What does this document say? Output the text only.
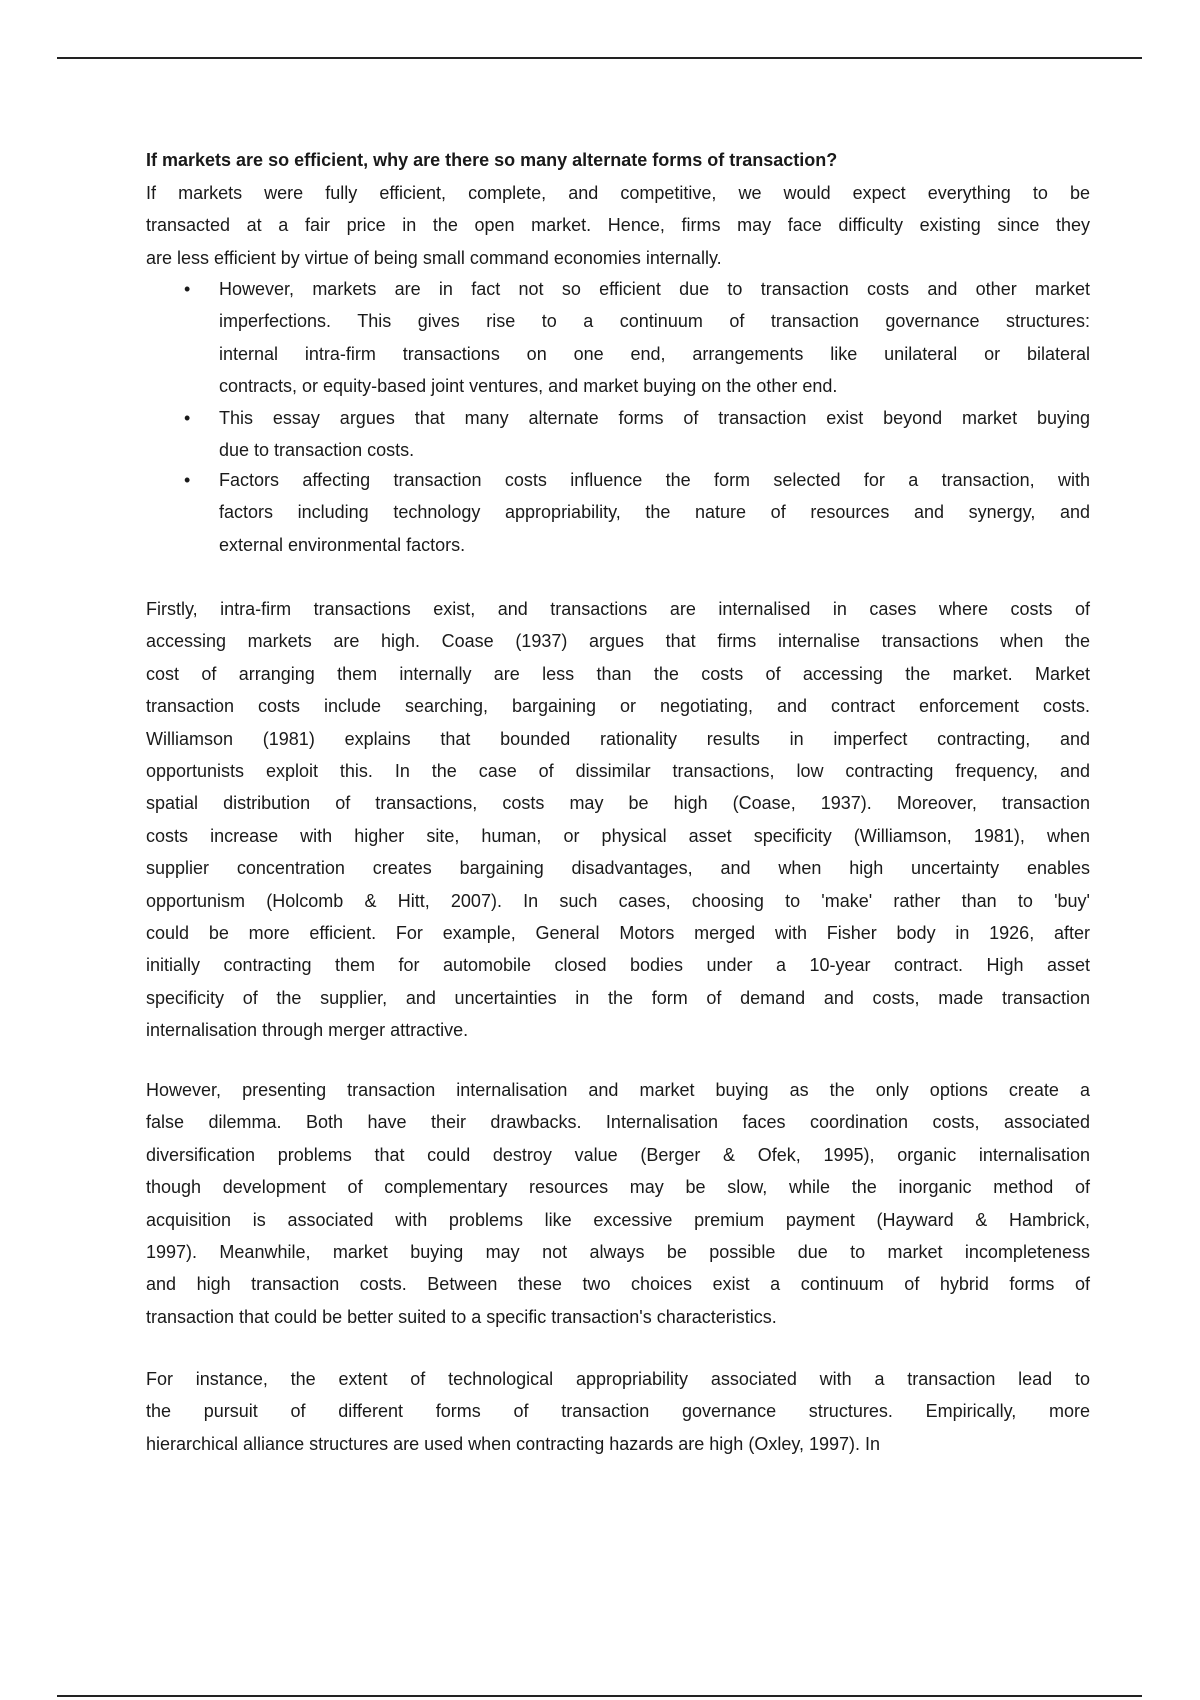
If markets are so efficient, why are there so many alternate forms of transaction?
If markets were fully efficient, complete, and competitive, we would expect everything to be
transacted at a fair price in the open market. Hence, firms may face difficulty existing since they
are less efficient by virtue of being small command economies internally.
• However, markets are in fact not so efficient due to transaction costs and other market
imperfections. This gives rise to a continuum of transaction governance structures:
internal intra-firm transactions on one end, arrangements like unilateral or bilateral
contracts, or equity-based joint ventures, and market buying on the other end.
• This essay argues that many alternate forms of transaction exist beyond market buying
due to transaction costs.
• Factors affecting transaction costs influence the form selected for a transaction, with
factors including technology appropriability, the nature of resources and synergy, and
external environmental factors.
Firstly, intra-firm transactions exist, and transactions are internalised in cases where costs of
accessing markets are high. Coase (1937) argues that firms internalise transactions when the
cost of arranging them internally are less than the costs of accessing the market. Market
transaction costs include searching, bargaining or negotiating, and contract enforcement costs.
Williamson (1981) explains that bounded rationality results in imperfect contracting, and
opportunists exploit this. In the case of dissimilar transactions, low contracting frequency, and
spatial distribution of transactions, costs may be high (Coase, 1937). Moreover, transaction
costs increase with higher site, human, or physical asset specificity (Williamson, 1981), when
supplier concentration creates bargaining disadvantages, and when high uncertainty enables
opportunism (Holcomb & Hitt, 2007). In such cases, choosing to 'make' rather than to 'buy'
could be more efficient. For example, General Motors merged with Fisher body in 1926, after
initially contracting them for automobile closed bodies under a 10-year contract. High asset
specificity of the supplier, and uncertainties in the form of demand and costs, made transaction
internalisation through merger attractive.
However, presenting transaction internalisation and market buying as the only options create a
false dilemma. Both have their drawbacks. Internalisation faces coordination costs, associated
diversification problems that could destroy value (Berger & Ofek, 1995), organic internalisation
though development of complementary resources may be slow, while the inorganic method of
acquisition is associated with problems like excessive premium payment (Hayward & Hambrick,
1997). Meanwhile, market buying may not always be possible due to market incompleteness
and high transaction costs. Between these two choices exist a continuum of hybrid forms of
transaction that could be better suited to a specific transaction's characteristics.
For instance, the extent of technological appropriability associated with a transaction lead to
the pursuit of different forms of transaction governance structures. Empirically, more
hierarchical alliance structures are used when contracting hazards are high (Oxley, 1997). In
